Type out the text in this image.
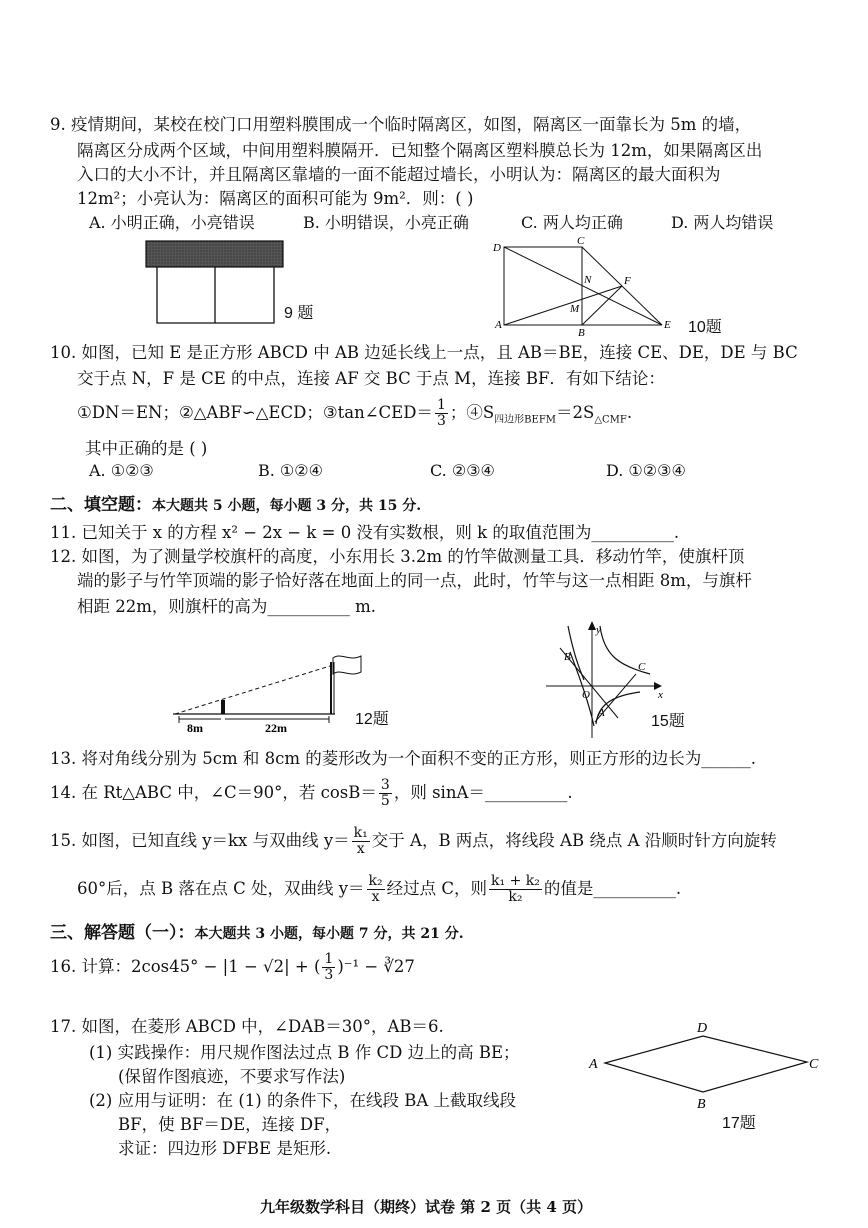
9. 疫情期间，某校在校门口用塑料膜围成一个临时隔离区，如图，隔离区一面靠长为 5m 的墙，
隔离区分成两个区域，中间用塑料膜隔开．已知整个隔离区塑料膜总长为 12m，如果隔离区出
入口的大小不计，并且隔离区靠墙的一面不能超过墙长，小明认为：隔离区的最大面积为
12m²；小亮认为：隔离区的面积可能为 9m²．则：( )
A. 小明正确，小亮错误	B. 小明错误，小亮正确	C. 两人均正确	D. 两人均错误
9 题
D
C
N	F
M
A
B
E 10题
10. 如图，已知 E 是正方形 ABCD 中 AB 边延长线上一点，且 AB＝BE，连接 CE、DE，DE 与 BC
交于点 N，F 是 CE 的中点，连接 AF 交 BC 于点 M，连接 BF．有如下结论：
①DN＝EN；②△ABF∽△ECD；③tan∠CED＝ $\frac{1}{3}$ ；$④S_{四边形BEFM}=2S_{\triangle CMF}$.
其中正确的是 ( )
A. ①②③	B. ①②④	C. ②③④	D. ①②③④
二、填空题：本大题共 5 小题，每小题 3 分，共 15 分.
11. 已知关于 x 的方程 x² − 2x − k = 0 没有实数根，则 k 的取值范围为__________.
12. 如图，为了测量学校旗杆的高度，小东用长 3.2m 的竹竿做测量工具．移动竹竿，使旗杆顶
端的影子与竹竿顶端的影子恰好落在地面上的同一点，此时，竹竿与这一点相距 8m，与旗杆
相距 22m，则旗杆的高为__________ m.
8m	22m	12题
y
x
O
B
C
A	15题
13. 将对角线分别为 5cm 和 8cm 的菱形改为一个面积不变的正方形，则正方形的边长为______.
14. 在 Rt△ABC 中，∠C＝90°，若 $\cos B= \frac{3}{5}$ ，则 sinA＝__________.
15. 如图，已知直线 y＝kx 与双曲线 $y= \frac{\text{k₁}}{x}$ 交于 A，B 两点，将线段 AB 绕点 A 沿顺时针方向旋转
60°后，点 B 落在点 C 处，双曲线 $y= \frac{\text{k₂}}{x}$ 经过点 C，则 $\frac{\text{k₁ + k₂}}{\text{k₂}}$ 的值是__________.
三、解答题（一）：本大题共 3 小题，每小题 7 分，共 21 分.
16. 计算：2cos45° − |1 − √2| + ( $\frac{1}{3} )^{-1}$ − ∛27
17. 如图，在菱形 ABCD 中，∠DAB＝30°，AB＝6.
(1) 实践操作：用尺规作图法过点 B 作 CD 边上的高 BE；
(保留作图痕迹，不要求写作法)
(2) 应用与证明：在 (1) 的条件下，在线段 BA 上截取线段
BF，使 BF＝DE，连接 DF，
求证：四边形 DFBE 是矩形.
A
D
C
B
17题
九年级数学科目（期终）试卷 第 2 页（共 4 页）
